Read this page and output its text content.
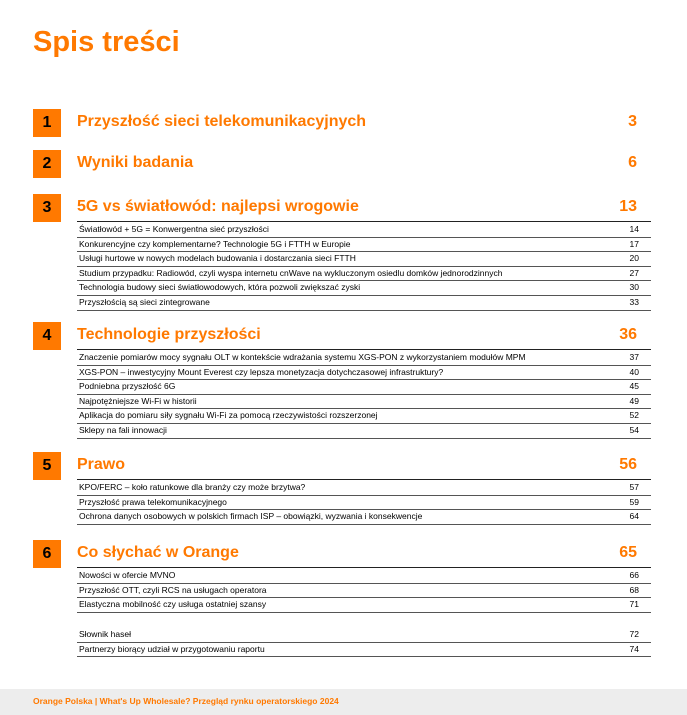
Spis treści
1	Przyszłość sieci telekomunikacyjnych	3
2	Wyniki badania	6
3	5G vs światłowód: najlepsi wrogowie	13
Światłowód + 5G = Konwergentna sieć przyszłości	14
Konkurencyjne czy komplementarne? Technologie 5G i FTTH w Europie	17
Usługi hurtowe w nowych modelach budowania i dostarczania sieci FTTH	20
Studium przypadku: Radiowód, czyli wyspa internetu cnWave na wykluczonym osiedlu domków jednorodzinnych	27
Technologia budowy sieci światłowodowych, która pozwoli zwiększać zyski	30
Przyszłością są sieci zintegrowane	33
4	Technologie przyszłości	36
Znaczenie pomiarów mocy sygnału OLT w kontekście wdrażania systemu XGS-PON z wykorzystaniem modułów MPM	37
XGS-PON – inwestycyjny Mount Everest czy lepsza monetyzacja dotychczasowej infrastruktury?	40
Podniebna przyszłość 6G	45
Najpotężniejsze Wi-Fi w historii	49
Aplikacja do pomiaru siły sygnału Wi-Fi za pomocą rzeczywistości rozszerzonej	52
Sklepy na fali innowacji	54
5	Prawo	56
KPO/FERC – koło ratunkowe dla branży czy może brzytwa?	57
Przyszłość prawa telekomunikacyjnego	59
Ochrona danych osobowych w polskich firmach ISP – obowiązki, wyzwania i konsekwencje	64
6	Co słychać w Orange	65
Nowości w ofercie MVNO	66
Przyszłość OTT, czyli RCS na usługach operatora	68
Elastyczna mobilność czy usługa ostatniej szansy	71
Słownik haseł	72
Partnerzy biorący udział w przygotowaniu raportu	74
Orange Polska | What's Up Wholesale? Przegląd rynku operatorskiego 2024
